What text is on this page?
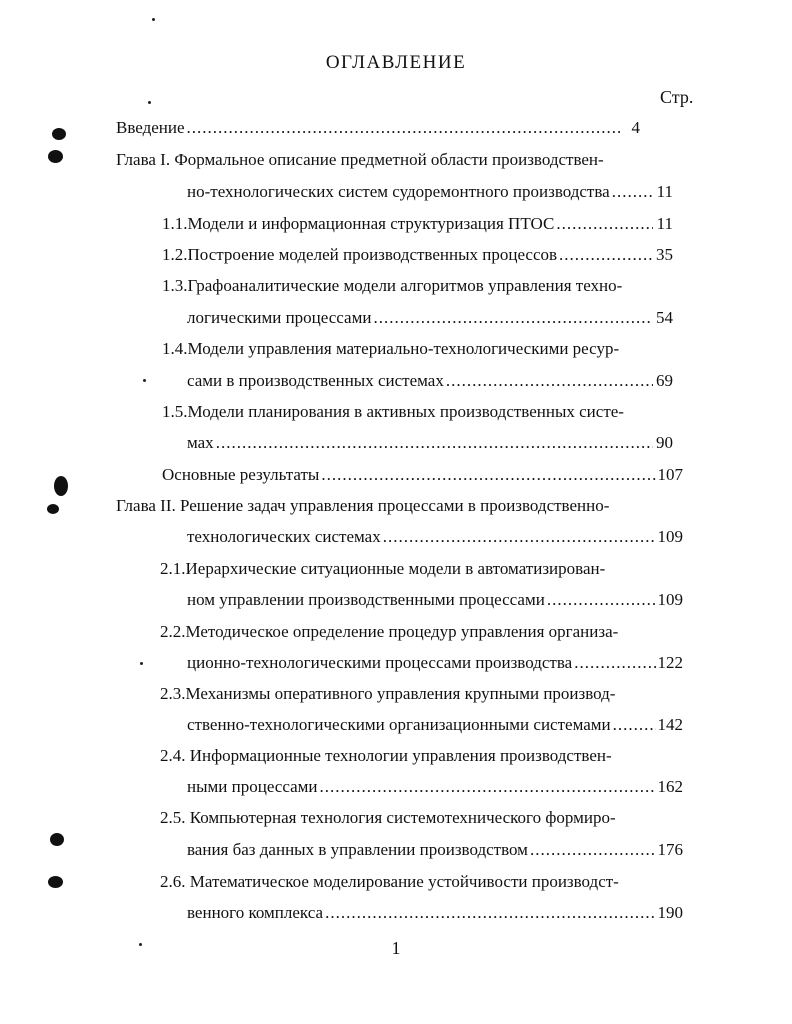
ОГЛАВЛЕНИЕ
Стр.
Введение .....	4
Глава I. Формальное описание предметной области производствен-
но-технологических систем судоремонтного производства .....	11
1.1.Модели и информационная структуризация ПТОС .....	11
1.2.Построение моделей производственных процессов .....	35
1.3.Графоаналитические модели алгоритмов управления техно-
логическими процессами .....	54
1.4.Модели управления материально-технологическими ресур-
сами в производственных системах .....	69
1.5.Модели планирования в активных производственных систе-
мах .....	90
Основные результаты .....	107
Глава II. Решение задач управления процессами в производственно-
технологических системах .....	109
2.1.Иерархические ситуационные модели в автоматизирован-
ном управлении производственными процессами .....	109
2.2.Методическое определение процедур управления организа-
ционно-технологическими процессами производства .....	122
2.3.Механизмы оперативного управления крупными производ-
ственно-технологическими организационными системами .....	142
2.4. Информационные технологии управления производствен-
ными процессами .....	162
2.5. Компьютерная технология системотехнического формиро-
вания баз данных в управлении производством .....	176
2.6. Математическое моделирование устойчивости производст-
венного комплекса .....	190
1
